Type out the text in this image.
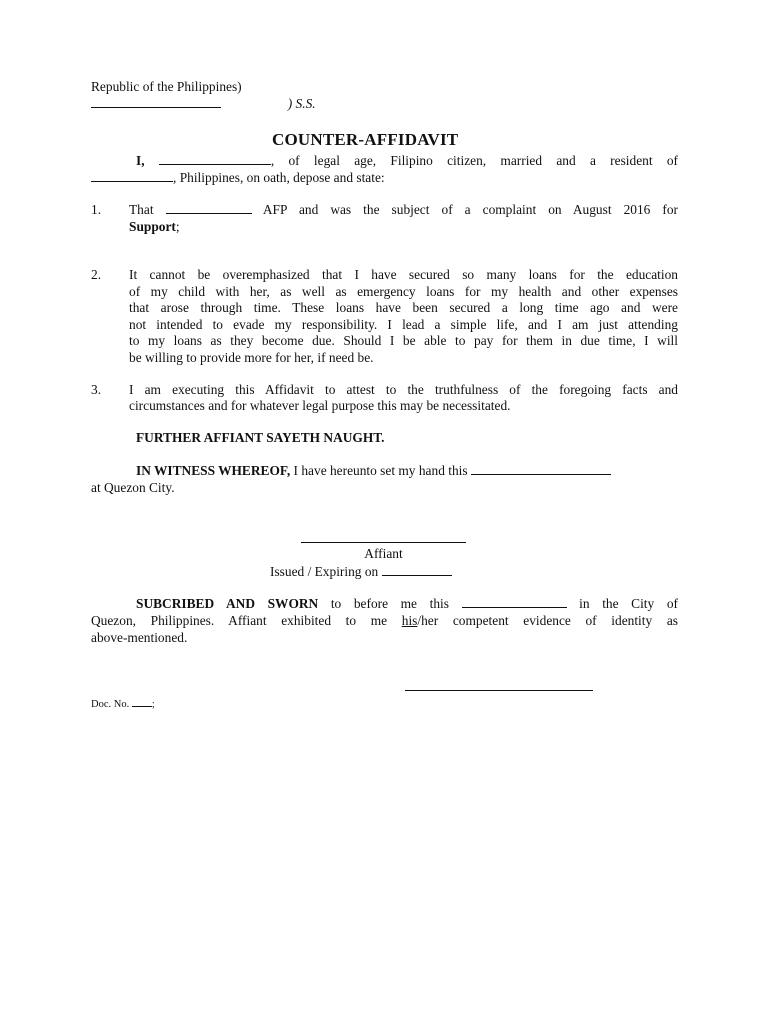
Republic of the Philippines)
) S.S.
COUNTER-AFFIDAVIT
I,	, of legal age, Filipino citizen, married and a resident of
, Philippines, on oath, depose and state:
1. That	AFP and was the subject of a complaint on August 2016 for
Support;
2. It cannot be overemphasized that I have secured so many loans for the education
of my child with her, as well as emergency loans for my health and other expenses
that arose through time. These loans have been secured a long time ago and were
not intended to evade my responsibility. I lead a simple life, and I am just attending
to my loans as they become due. Should I be able to pay for them in due time, I will
be willing to provide more for her, if need be.
3. I am executing this Affidavit to attest to the truthfulness of the foregoing facts and
circumstances and for whatever legal purpose this may be necessitated.
FURTHER AFFIANT SAYETH NAUGHT.
IN WITNESS WHEREOF, I have hereunto set my hand this
at Quezon City.
Affiant
Issued / Expiring on
SUBCRIBED AND SWORN to before me this	in the City of
Quezon, Philippines. Affiant exhibited to me his/her competent evidence of identity as
above-mentioned.
Doc. No. ;
